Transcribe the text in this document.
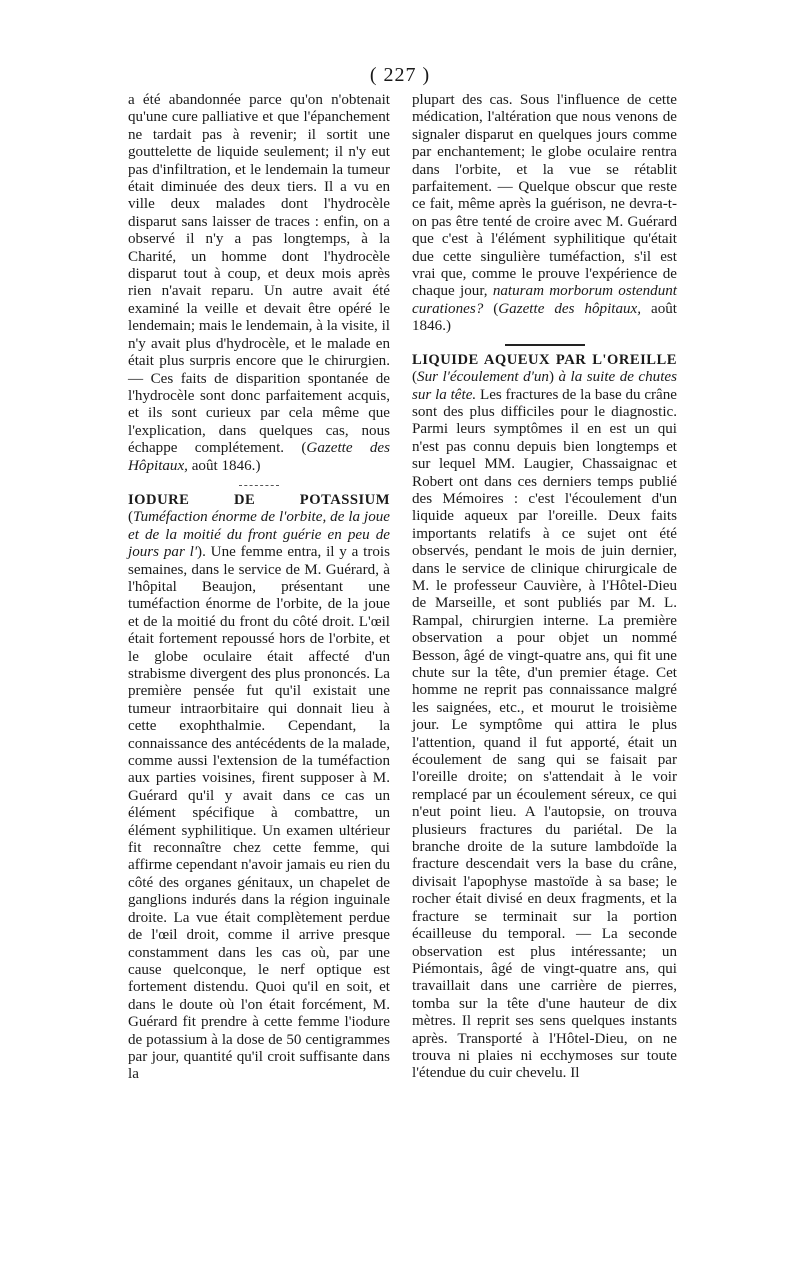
( 227 )

a été abandonnée parce qu'on n'obtenait qu'une cure palliative et que l'épanchement ne tardait pas à revenir; il sortit une gouttelette de liquide seulement; il n'y eut pas d'infiltration, et le lendemain la tumeur était diminuée des deux tiers. Il a vu en ville deux malades dont l'hydrocèle disparut sans laisser de traces : enfin, on a observé il n'y a pas longtemps, à la Charité, un homme dont l'hydrocèle disparut tout à coup, et deux mois après rien n'avait reparu. Un autre avait été examiné la veille et devait être opéré le lendemain; mais le lendemain, à la visite, il n'y avait plus d'hydrocèle, et le malade en était plus surpris encore que le chirurgien. — Ces faits de disparition spontanée de l'hydrocèle sont donc parfaitement acquis, et ils sont curieux par cela même que l'explication, dans quelques cas, nous échappe complétement. (Gazette des Hôpitaux, août 1846.)

IODURE DE POTASSIUM (Tuméfaction énorme de l'orbite, de la joue et de la moitié du front guérie en peu de jours par l'). Une femme entra, il y a trois semaines, dans le service de M. Guérard, à l'hôpital Beaujon, présentant une tuméfaction énorme de l'orbite, de la joue et de la moitié du front du côté droit. L'œil était fortement repoussé hors de l'orbite, et le globe oculaire était affecté d'un strabisme divergent des plus prononcés. La première pensée fut qu'il existait une tumeur intraorbitaire qui donnait lieu à cette exophthalmie. Cependant, la connaissance des antécédents de la malade, comme aussi l'extension de la tuméfaction aux parties voisines, firent supposer à M. Guérard qu'il y avait dans ce cas un élément spécifique à combattre, un élément syphilitique. Un examen ultérieur fit reconnaître chez cette femme, qui affirme cependant n'avoir jamais eu rien du côté des organes génitaux, un chapelet de ganglions indurés dans la région inguinale droite. La vue était complètement perdue de l'œil droit, comme il arrive presque constamment dans les cas où, par une cause quelconque, le nerf optique est fortement distendu. Quoi qu'il en soit, et dans le doute où l'on était forcément, M. Guérard fit prendre à cette femme l'iodure de potassium à la dose de 50 centigrammes par jour, quantité qu'il croit suffisante dans la

plupart des cas. Sous l'influence de cette médication, l'altération que nous venons de signaler disparut en quelques jours comme par enchantement; le globe oculaire rentra dans l'orbite, et la vue se rétablit parfaitement. — Quelque obscur que reste ce fait, même après la guérison, ne devra-t-on pas être tenté de croire avec M. Guérard que c'est à l'élément syphilitique qu'était due cette singulière tuméfaction, s'il est vrai que, comme le prouve l'expérience de chaque jour, naturam morborum ostendunt curationes? (Gazette des hôpitaux, août 1846.)

LIQUIDE AQUEUX PAR L'OREILLE (Sur l'écoulement d'un) à la suite de chutes sur la tête. Les fractures de la base du crâne sont des plus difficiles pour le diagnostic. Parmi leurs symptômes il en est un qui n'est pas connu depuis bien longtemps et sur lequel MM. Laugier, Chassaignac et Robert ont dans ces derniers temps publié des Mémoires : c'est l'écoulement d'un liquide aqueux par l'oreille. Deux faits importants relatifs à ce sujet ont été observés, pendant le mois de juin dernier, dans le service de clinique chirurgicale de M. le professeur Cauvière, à l'Hôtel-Dieu de Marseille, et sont publiés par M. L. Rampal, chirurgien interne. La première observation a pour objet un nommé Besson, âgé de vingt-quatre ans, qui fit une chute sur la tête, d'un premier étage. Cet homme ne reprit pas connaissance malgré les saignées, etc., et mourut le troisième jour. Le symptôme qui attira le plus l'attention, quand il fut apporté, était un écoulement de sang qui se faisait par l'oreille droite; on s'attendait à le voir remplacé par un écoulement séreux, ce qui n'eut point lieu. A l'autopsie, on trouva plusieurs fractures du pariétal. De la branche droite de la suture lambdoïde la fracture descendait vers la base du crâne, divisait l'apophyse mastoïde à sa base; le rocher était divisé en deux fragments, et la fracture se terminait sur la portion écailleuse du temporal. — La seconde observation est plus intéressante; un Piémontais, âgé de vingt-quatre ans, qui travaillait dans une carrière de pierres, tomba sur la tête d'une hauteur de dix mètres. Il reprit ses sens quelques instants après. Transporté à l'Hôtel-Dieu, on ne trouva ni plaies ni ecchymoses sur toute l'étendue du cuir chevelu. Il
